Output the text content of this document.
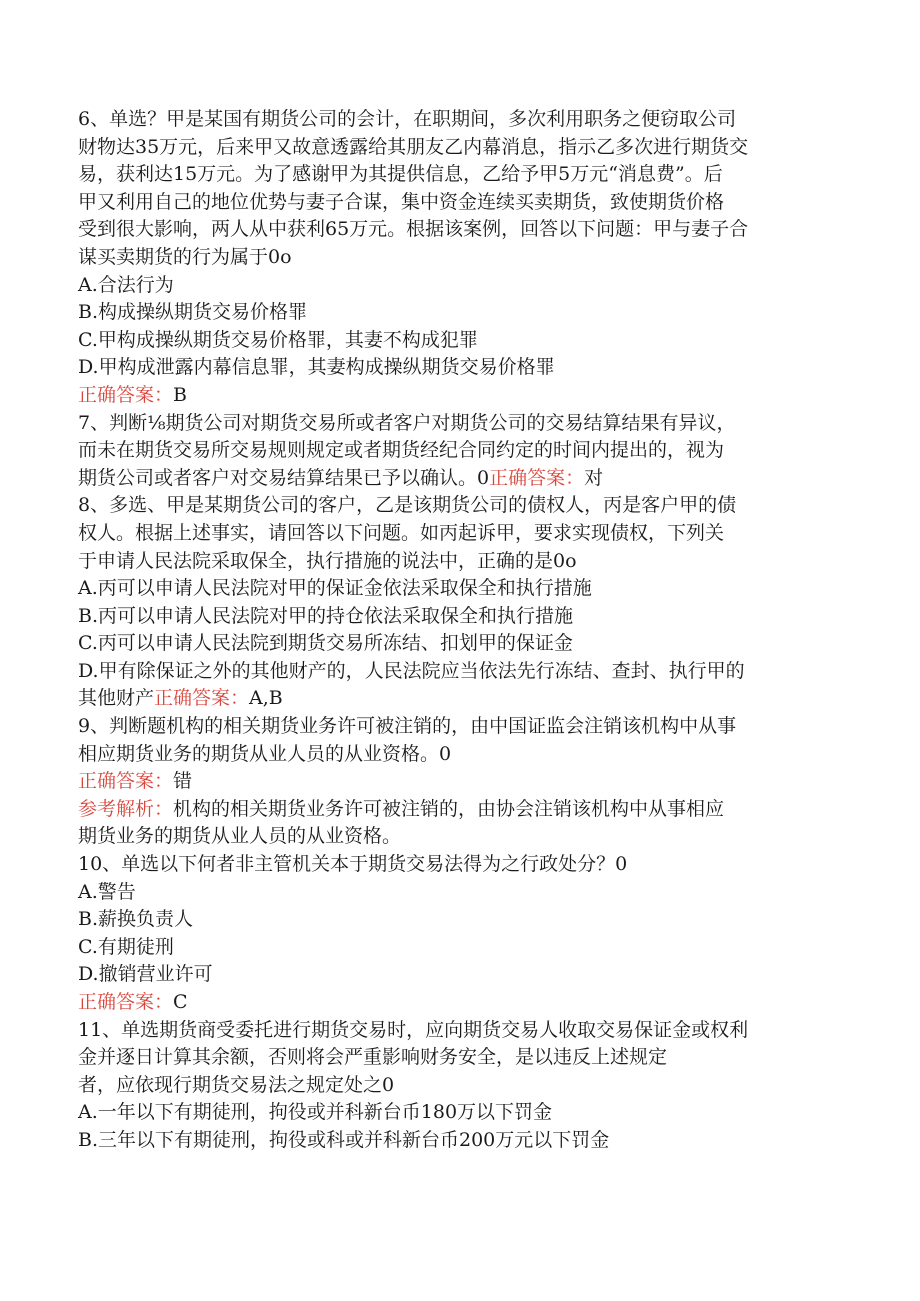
6、单选？甲是某国有期货公司的会计，在职期间，多次利用职务之便窃取公司
财物达35万元，后来甲又故意透露给其朋友乙内幕消息，指示乙多次进行期货交
易，获利达15万元。为了感谢甲为其提供信息，乙给予甲5万元“消息费”。后
甲又利用自己的地位优势与妻子合谋，集中资金连续买卖期货，致使期货价格
受到很大影响，两人从中获利65万元。根据该案例，回答以下问题：甲与妻子合
谋买卖期货的行为属于0o
A.合法行为
B.构成操纵期货交易价格罪
C.甲构成操纵期货交易价格罪，其妻不构成犯罪
D.甲构成泄露内幕信息罪，其妻构成操纵期货交易价格罪
正确答案：B
7、判断⅛期货公司对期货交易所或者客户对期货公司的交易结算结果有异议，
而未在期货交易所交易规则规定或者期货经纪合同约定的时间内提出的，视为
期货公司或者客户对交易结算结果已予以确认。0正确答案：对
8、多选、甲是某期货公司的客户，乙是该期货公司的债权人，丙是客户甲的债
权人。根据上述事实，请回答以下问题。如丙起诉甲，要求实现债权，下列关
于申请人民法院采取保全，执行措施的说法中，正确的是0o
A.丙可以申请人民法院对甲的保证金依法采取保全和执行措施
B.丙可以申请人民法院对甲的持仓依法采取保全和执行措施
C.丙可以申请人民法院到期货交易所冻结、扣划甲的保证金
D.甲有除保证之外的其他财产的，人民法院应当依法先行冻结、查封、执行甲的
其他财产正确答案：A,B
9、判断题机构的相关期货业务许可被注销的，由中国证监会注销该机构中从事
相应期货业务的期货从业人员的从业资格。0
正确答案：错
参考解析：机构的相关期货业务许可被注销的，由协会注销该机构中从事相应
期货业务的期货从业人员的从业资格。
10、单选以下何者非主管机关本于期货交易法得为之行政处分？0
A.警告
B.薪换负责人
C.有期徒刑
D.撤销营业许可
正确答案：C
11、单选期货商受委托进行期货交易时，应向期货交易人收取交易保证金或权利
金并逐日计算其余额，否则将会严重影响财务安全，是以违反上述规定
者，应依现行期货交易法之规定处之0
A.一年以下有期徒刑，拘役或并科新台币180万以下罚金
B.三年以下有期徒刑，拘役或科或并科新台币200万元以下罚金
